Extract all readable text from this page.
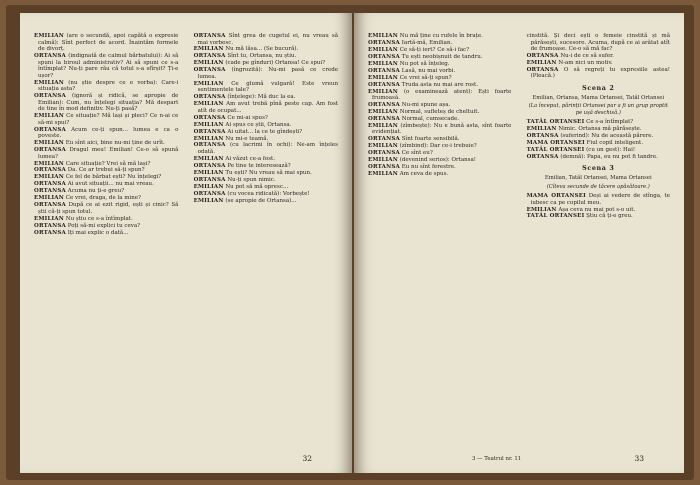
EMILIAN (are o secundă, apoi capătă o expresie calmă): Sînt perfect de acord. Înaintăm formele de divorț.

ORTANSA (indignată de calmul bărbatului): Ai să spuni la biroul administrativ? Ai să spuni ce s-a întîmplat? Nu-ți pare rău că totul s-a sfîrșit? Ți-e ușor?

EMILIAN (nu știe despre ce e vorba): Care-i situația asta?

ORTANSA (ignoră și ridică, se apropie de Emilian): Cum, nu înțelegi situația? Mă despart de tine în mod definitiv. Nu-ți pasă?

EMILIAN Ce situație? Mă lași și pleci? Ce n-ai ce să-mi spui?

ORTANSA Acum ce-ți spun... lumea e ca o poveste.

EMILIAN Eu sînt aici, bine nu-mi ține de urît.

ORTANSA Dragul meu! Emilian! Ce-o să spună lumea?

EMILIAN Care situație? Vrei să mă lași?

ORTANSA Da. Ce ar trebui să-ți spun?

EMILIAN Ce fel de bărbat ești? Nu înțelegi?

ORTANSA Ai avut situații... nu mai vreau.

ORTANSA Acuma nu ți-e greu?

EMILIAN Ce vrei, draga, de la mine?

ORTANSA După ce ai ezit rigid, ești și cinic? Să știi că-ți spun totul.

EMILIAN Nu știu ce s-a întîmplat.

ORTANSA Poți să-mi explici tu ceva?

ORTANSA Iți mai explic o dată...

ORTANSA Sînt grea de cugetul ei, nu vreau să mai vorbesc.

EMILIAN Nu mă lăsa... (Se bucură).

ORTANSA Sînt tu, Ortansa, nu știu.

EMILIAN (cade pe gînduri) Ortansa! Ce spui?

ORTANSA (îngrozită): Nu-mi pasă ce crede lumea.

EMILIAN Ce glumă vulgară! Este vreun sentimentele tale?

ORTANSA (înțelege): Mă duc la ea.

EMILIAN Am avut trebă pînă peste cap. Am fost atît de ocupat...

ORTANSA Ce mi-ai spus?

EMILIAN Ai spus ce știi, Ortansa.

ORTANSA Ai uitat... la ce te gîndești?

EMILIAN Nu mi-e teamă.

ORTANSA (cu lacrimi în ochi): Ne-am înțeles odată.

EMILIAN Ai văzut ce-a fost.

ORTANSA Pe tine te interesează?

EMILIAN Tu ești? Nu vreau să mai spun.

ORTANSA Nu-ți spun nimic.

EMILIAN Nu pot să mă opresc...

ORTANSA (cu vocea ridicată): Vorbește!

EMILIAN (se apropie de Ortansa)...

32

EMILIAN Nu mă ține cu rufele în brațe.

ORTANSA Iartă-mă, Emilian.

EMILIAN Ce să-ți iert? Ce să-i fac?

ORTANSA Tu ești neobișnuit de tandru.

EMILIAN Nu pot să înțeleg.

ORTANSA Lasă, nu mai vorbi.

EMILIAN Ce vrei să-ți spun?

ORTANSA Truda asta nu mai are rost.

EMILIAN (o examinează atent): Ești foarte frumoasă.

ORTANSA Nu-mi spune așa.

EMILIAN Normal, sufleteș de cheltuit.

ORTANSA Normal, cumsecade.

EMILIAN (zîmbește): Nu e bună asta, sînt foarte evidențiat.

ORTANSA Sînt foarte sensibilă.

EMILIAN (zîmbind): Dar ce-i trebuie?

ORTANSA Ce sînt eu?

EMILIAN (devenind serios): Ortansa!

ORTANSA Eu nu sînt ferestre.

EMILIAN Am ceva de spus.

cinstită. Și deci ești o femeie cinstită și mă părăsești, sucesore. Acuma, după ce ai arătat atît de frumoase. Ce-o să mă fac?

ORTANSA Nu-i de ce să sufer.

EMILIAN N-am nici un motiv.

ORTANSA O să regreți tu expresiile astea! (Pleacă.)

Scena 2
Emilian, Ortansa, Mama Ortansei, Tatăl Ortansei
(La început, părinții Ortansei par a fi un grup proptit pe ușă deschisă.)

TATĂL ORTANSEI Ce s-a întîmplat?

EMILIAN Nimic. Ortansa mă părăsește.

ORTANSA (suferind): Nu de această părere.

MAMA ORTANSEI Fiul copil inteligent.

TATĂL ORTANSEI (cu un gest): Hai!

ORTANSA (demnă): Papa, eu nu pot fi tandre.

Scena 3
Emilian, Tatăl Ortansei, Mama Ortansei
(Cîteva secunde de tăcere apăsătoare.)

MAMA ORTANSEI Deși ai vedere de stînga, te iubesc ca pe copilul meu.

EMILIAN Așa ceva nu mai pot s-o uit.

TATĂL ORTANSEI Știu că ți-e greu.

3 — Teatrul nr. 11	33
